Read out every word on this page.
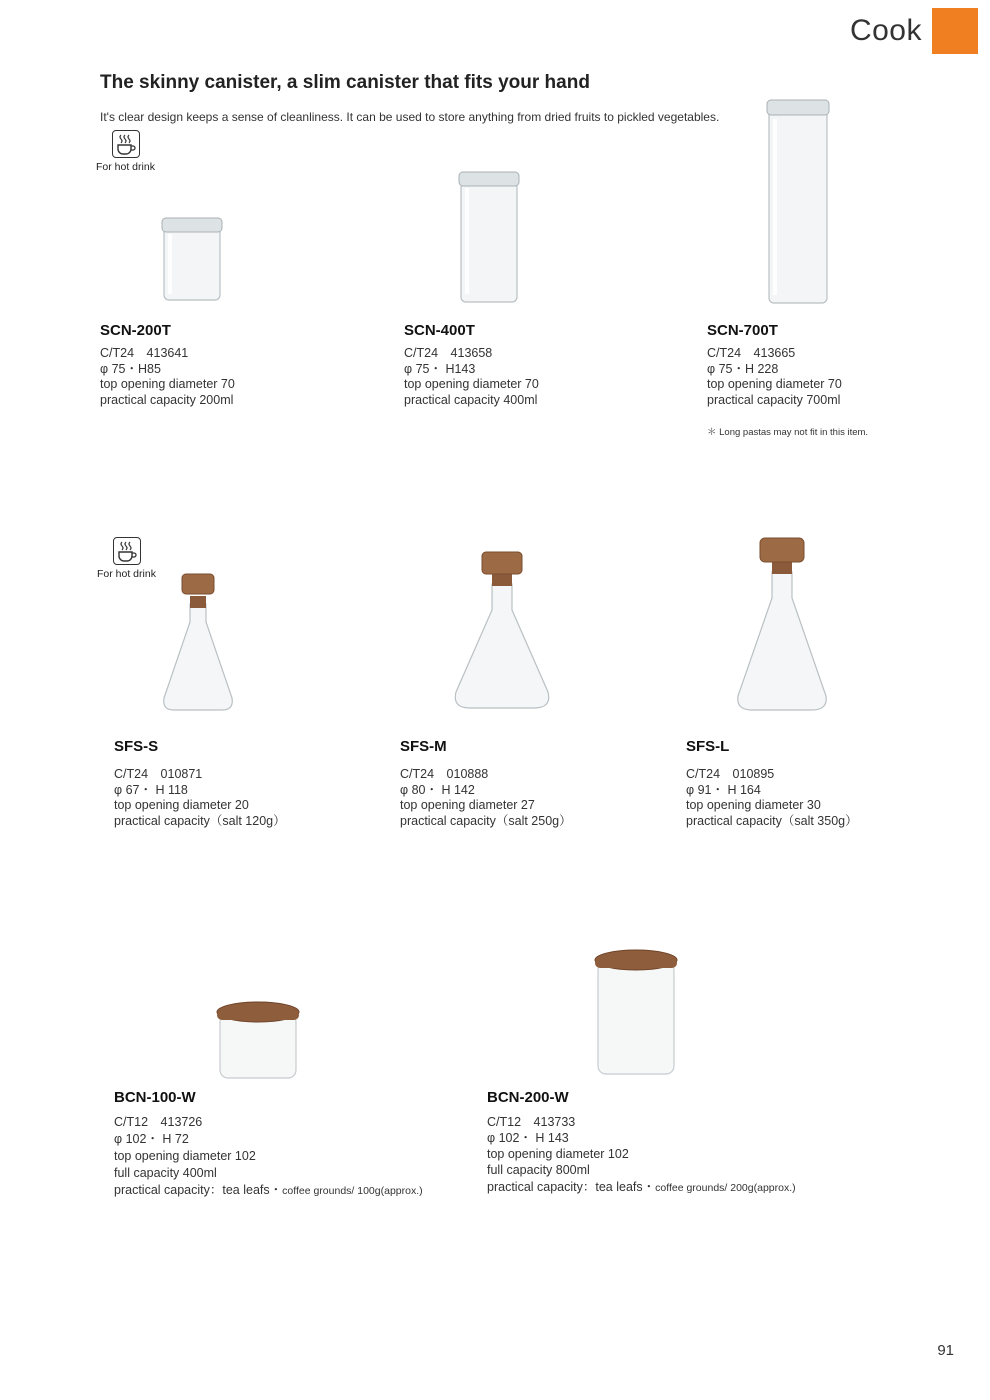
Cook
The skinny canister, a slim canister that fits your hand
It's clear design keeps a sense of cleanliness. It can be used to store anything from dried fruits to pickled vegetables.
For hot drink
For hot drink
SCN-200T
C/T24　413641
φ 75・H85
top opening diameter 70
practical capacity 200ml
SCN-400T
C/T24　413658
φ 75・ H143
top opening diameter 70
practical capacity 400ml
SCN-700T
C/T24　413665
φ 75・H 228
top opening diameter 70
practical capacity 700ml
＊ Long pastas may not fit in this item.
SFS-S
C/T24　010871
φ 67・ H 118
top opening diameter 20
practical capacity（salt 120g）
SFS-M
C/T24　010888
φ 80・ H 142
top opening diameter 27
practical capacity（salt 250g）
SFS-L
C/T24　010895
φ 91・ H 164
top opening diameter 30
practical capacity（salt 350g）
BCN-100-W
C/T12　413726
φ 102・ H 72
top opening diameter 102
full capacity 400ml
practical capacity：tea leafs・coffee grounds/ 100g(approx.)
BCN-200-W
C/T12　413733
φ 102・ H 143
top opening diameter 102
full capacity 800ml
practical capacity：tea leafs・coffee grounds/ 200g(approx.)
91
